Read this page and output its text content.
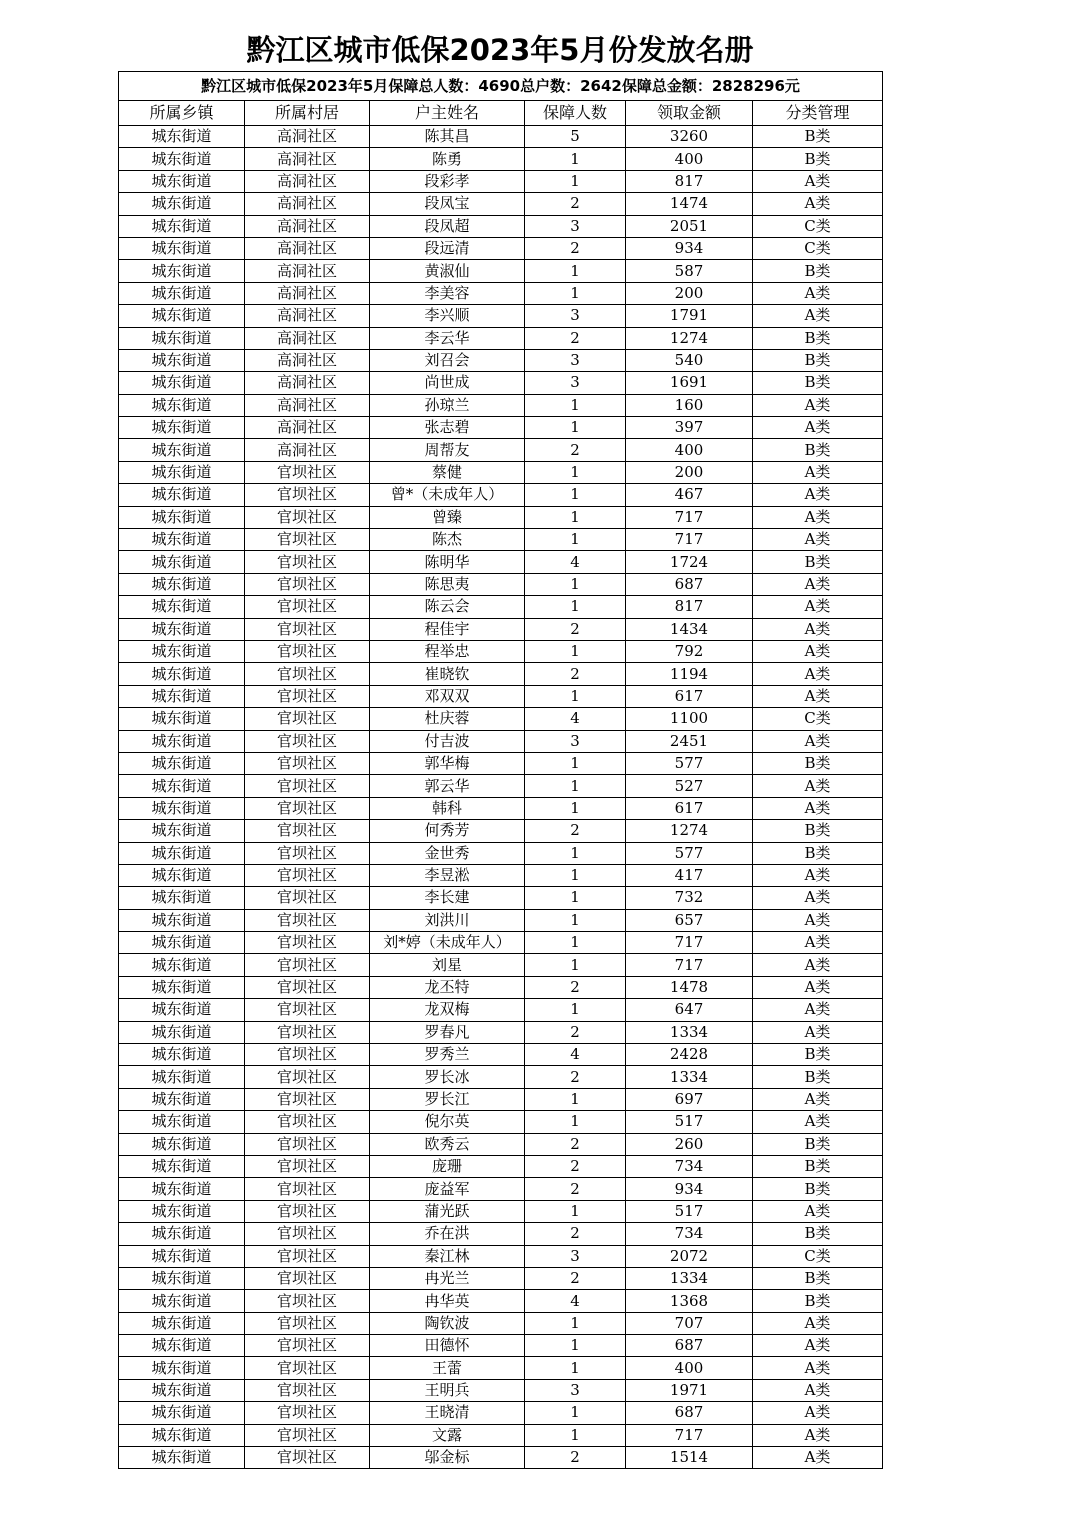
黔江区城市低保2023年5月份发放名册
黔江区城市低保2023年5月保障总人数：4690总户数：2642保障总金额：2828296元					
所属乡镇	所属村居	户主姓名	保障人数	领取金额	分类管理
城东街道	高洞社区	陈其昌	5	3260	B类
城东街道	高洞社区	陈勇	1	400	B类
城东街道	高洞社区	段彩孝	1	817	A类
城东街道	高洞社区	段凤宝	2	1474	A类
城东街道	高洞社区	段凤超	3	2051	C类
城东街道	高洞社区	段远清	2	934	C类
城东街道	高洞社区	黄淑仙	1	587	B类
城东街道	高洞社区	李美容	1	200	A类
城东街道	高洞社区	李兴顺	3	1791	A类
城东街道	高洞社区	李云华	2	1274	B类
城东街道	高洞社区	刘召会	3	540	B类
城东街道	高洞社区	尚世成	3	1691	B类
城东街道	高洞社区	孙琼兰	1	160	A类
城东街道	高洞社区	张志碧	1	397	A类
城东街道	高洞社区	周帮友	2	400	B类
城东街道	官坝社区	蔡健	1	200	A类
城东街道	官坝社区	曾*（未成年人）	1	467	A类
城东街道	官坝社区	曾臻	1	717	A类
城东街道	官坝社区	陈杰	1	717	A类
城东街道	官坝社区	陈明华	4	1724	B类
城东街道	官坝社区	陈思夷	1	687	A类
城东街道	官坝社区	陈云会	1	817	A类
城东街道	官坝社区	程佳宇	2	1434	A类
城东街道	官坝社区	程举忠	1	792	A类
城东街道	官坝社区	崔晓钦	2	1194	A类
城东街道	官坝社区	邓双双	1	617	A类
城东街道	官坝社区	杜庆蓉	4	1100	C类
城东街道	官坝社区	付吉波	3	2451	A类
城东街道	官坝社区	郭华梅	1	577	B类
城东街道	官坝社区	郭云华	1	527	A类
城东街道	官坝社区	韩科	1	617	A类
城东街道	官坝社区	何秀芳	2	1274	B类
城东街道	官坝社区	金世秀	1	577	B类
城东街道	官坝社区	李昱淞	1	417	A类
城东街道	官坝社区	李长建	1	732	A类
城东街道	官坝社区	刘洪川	1	657	A类
城东街道	官坝社区	刘*婷（未成年人）	1	717	A类
城东街道	官坝社区	刘星	1	717	A类
城东街道	官坝社区	龙丕特	2	1478	A类
城东街道	官坝社区	龙双梅	1	647	A类
城东街道	官坝社区	罗春凡	2	1334	A类
城东街道	官坝社区	罗秀兰	4	2428	B类
城东街道	官坝社区	罗长冰	2	1334	B类
城东街道	官坝社区	罗长江	1	697	A类
城东街道	官坝社区	倪尔英	1	517	A类
城东街道	官坝社区	欧秀云	2	260	B类
城东街道	官坝社区	庞珊	2	734	B类
城东街道	官坝社区	庞益军	2	934	B类
城东街道	官坝社区	蒲光跃	1	517	A类
城东街道	官坝社区	乔在洪	2	734	B类
城东街道	官坝社区	秦江林	3	2072	C类
城东街道	官坝社区	冉光兰	2	1334	B类
城东街道	官坝社区	冉华英	4	1368	B类
城东街道	官坝社区	陶钦波	1	707	A类
城东街道	官坝社区	田德怀	1	687	A类
城东街道	官坝社区	王蕾	1	400	A类
城东街道	官坝社区	王明兵	3	1971	A类
城东街道	官坝社区	王晓清	1	687	A类
城东街道	官坝社区	文露	1	717	A类
城东街道	官坝社区	邬金标	2	1514	A类
